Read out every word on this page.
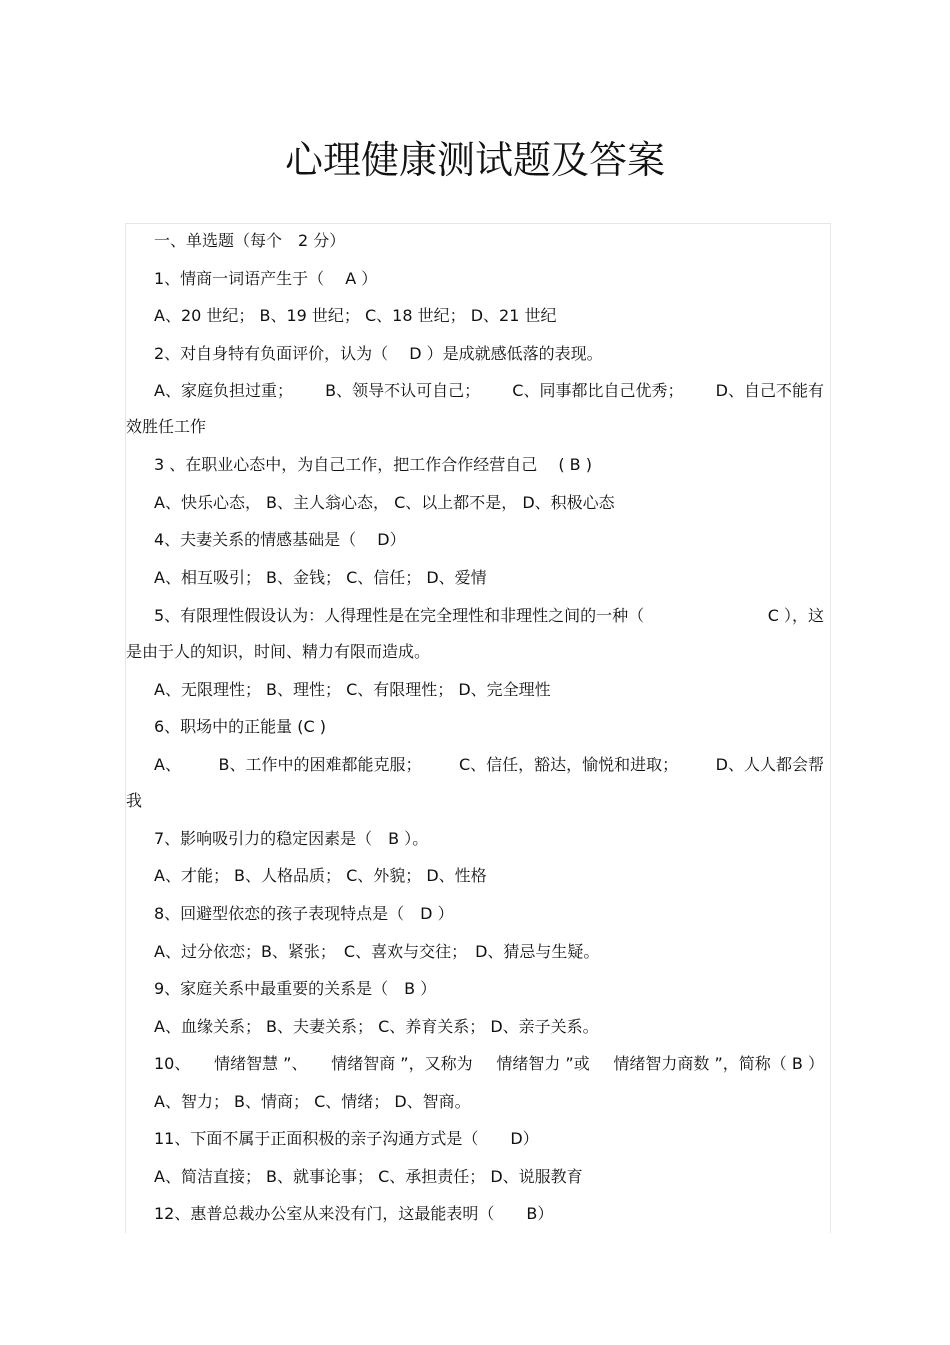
心理健康测试题及答案
一、单选题（每个　2 分）
1、情商一词语产生于（　 A ）
A、20 世纪； B、19 世纪； C、18 世纪； D、21 世纪
2、对自身特有负面评价，认为（　 D ）是成就感低落的表现。
A、家庭负担过重； B、领导不认可自己； C、同事都比自己优秀； D、自己不能有
效胜任工作
3 、在职业心态中，为自己工作，把工作合作经营自己　 ( B )
A、快乐心态， B、主人翁心态， C、以上都不是， D、积极心态
4、夫妻关系的情感基础是（　 D）
A、相互吸引； B、金钱； C、信任； D、爱情
5、有限理性假设认为：人得理性是在完全理性和非理性之间的一种（	C ），这
是由于人的知识，时间、精力有限而造成。
A、无限理性； B、理性； C、有限理性； D、完全理性
6、职场中的正能量 (C )
A、 B、工作中的困难都能克服； C、信任，豁达，愉悦和进取； D、人人都会帮
我
7、影响吸引力的稳定因素是（　B ）。
A、才能； B、人格品质； C、外貌； D、性格
8、回避型依恋的孩子表现特点是（　D ）
A、过分依恋；B、紧张；　C、喜欢与交往；　D、猜忌与生疑。
9、家庭关系中最重要的关系是（　B ）
A、血缘关系； B、夫妻关系； C、养育关系； D、亲子关系。
10、 情绪智慧 ”、 情绪智商 ”，又称为 情绪智力 ”或 情绪智力商数 ”，简称（ B ）
A、智力； B、情商； C、情绪； D、智商。
11、下面不属于正面积极的亲子沟通方式是（　　D）
A、简洁直接； B、就事论事； C、承担责任； D、说服教育
12、惠普总裁办公室从来没有门，这最能表明（　　B）
